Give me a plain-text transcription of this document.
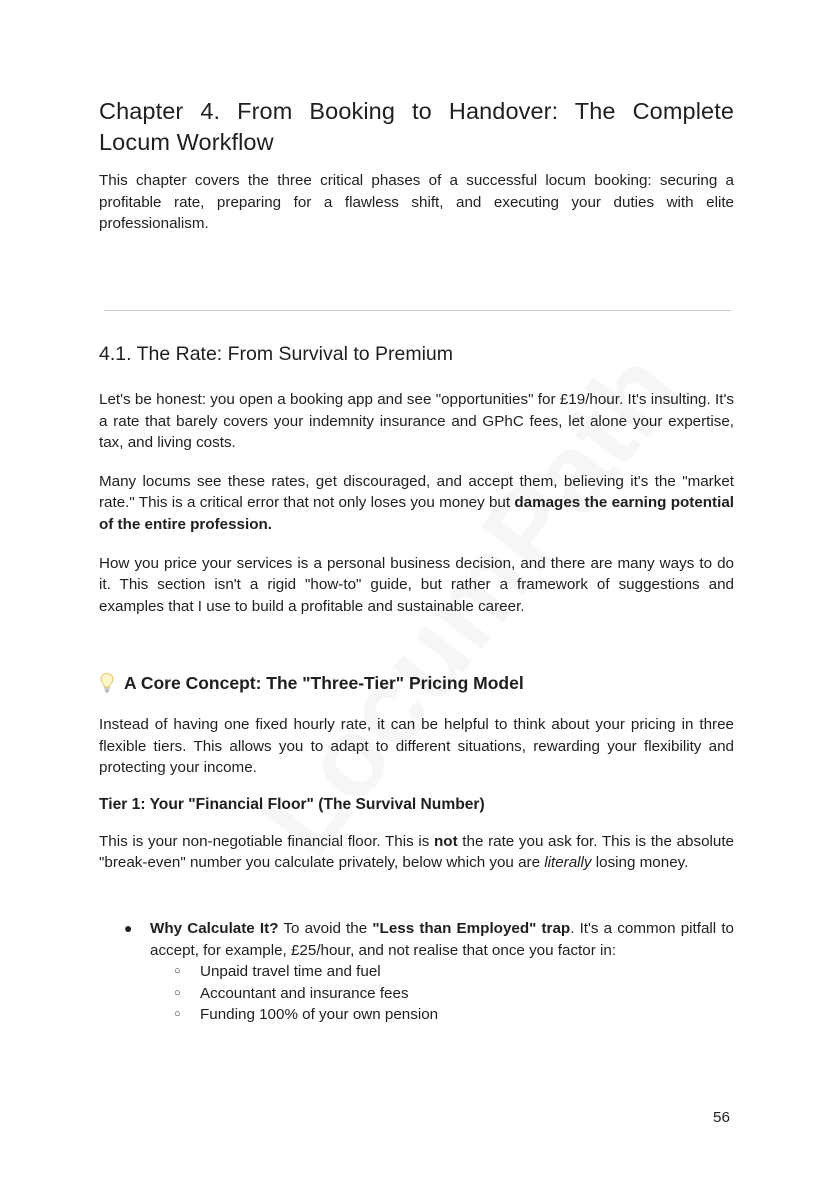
Chapter 4. From Booking to Handover: The Complete Locum Workflow

This chapter covers the three critical phases of a successful locum booking: securing a profitable rate, preparing for a flawless shift, and executing your duties with elite professionalism.

4.1. The Rate: From Survival to Premium

Let's be honest: you open a booking app and see "opportunities" for £19/hour. It's insulting. It's a rate that barely covers your indemnity insurance and GPhC fees, let alone your expertise, tax, and living costs.

Many locums see these rates, get discouraged, and accept them, believing it's the "market rate." This is a critical error that not only loses you money but damages the earning potential of the entire profession.

How you price your services is a personal business decision, and there are many ways to do it. This section isn't a rigid "how-to" guide, but rather a framework of suggestions and examples that I use to build a profitable and sustainable career.

A Core Concept: The "Three-Tier" Pricing Model

Instead of having one fixed hourly rate, it can be helpful to think about your pricing in three flexible tiers. This allows you to adapt to different situations, rewarding your flexibility and protecting your income.

Tier 1: Your "Financial Floor" (The Survival Number)

This is your non-negotiable financial floor. This is not the rate you ask for. This is the absolute "break-even" number you calculate privately, below which you are literally losing money.

●	Why Calculate It? To avoid the "Less than Employed" trap. It's a common pitfall to accept, for example, £25/hour, and not realise that once you factor in:
○	Unpaid travel time and fuel
○	Accountant and insurance fees
○	Funding 100% of your own pension
56
